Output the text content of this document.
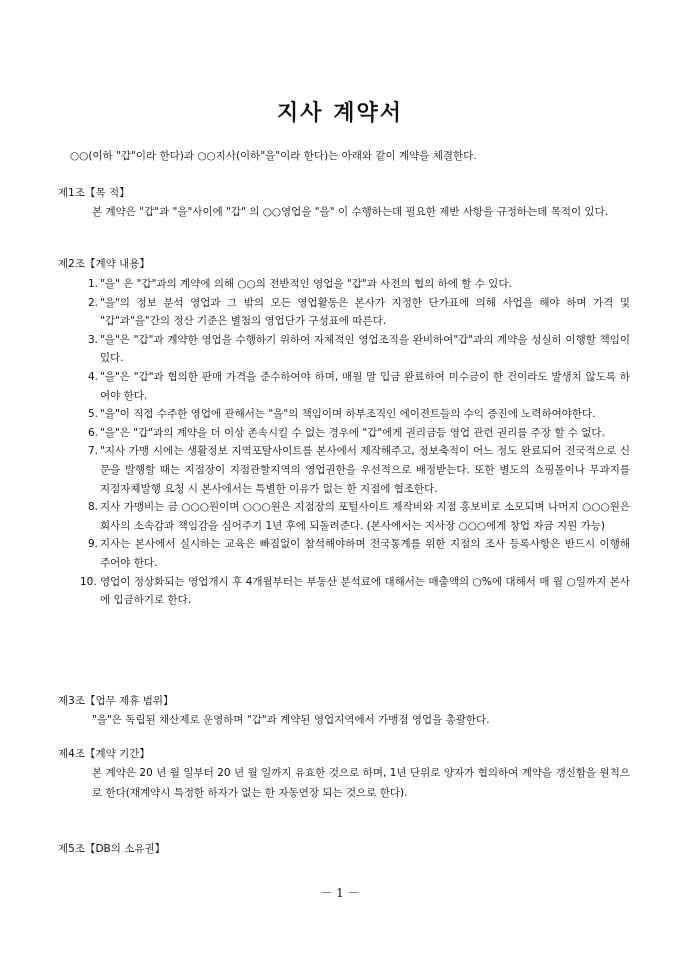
지사 계약서
○○(이하 "갑"이라 한다)과 ○○지사(이하"을"이라 한다)는 아래와 같이 계약을 체결한다.
제1조【목 적】
본 계약은 "갑"과 "을"사이에 "갑" 의 ○○영업을 "을" 이 수행하는데 필요한 제반 사항을 규정하는데 목적이 있다.
제2조【계약 내용】
1. "을" 은 "갑"과의 계약에 의해 ○○의 전반적인 영업을 "갑"과 사전의 협의 하에 할 수 있다.
2. "을"의 정보 분석 영업과 그 밖의 모든 영업활동은 본사가 지정한 단가표에 의해 사업을 해야 하며 가격 및 "갑"과"을"간의 정산 기준은 별첨의 영업단가 구성표에 따른다.
3. "을"은 "갑"과 계약한 영업을 수행하기 위하여 자체적인 영업조직을 완비하여"갑"과의 계약을 성실히 이행할 책임이 있다.
4. "을"은 "갑"과 협의한 판매 가격을 준수하여야 하며, 매월 말 입금 완료하여 미수금이 한 건이라도 발생치 않도록 하여야 한다.
5. "을"이 직접 수주한 영업에 관해서는 "을"의 책임이며 하부조직인 에이젼트들의 수익 증진에 노력하여야한다.
6. "을"은 "갑"과의 계약을 더 이상 존속시킬 수 없는 경우에 "갑"에게 권리금등 영업 관련 권리를 주장 할 수 없다.
7. "지사 가맹 시에는 생활정보 지역포탈사이트를 본사에서 제작해주고, 정보축적이 어느 정도 완료되어 전국적으로 신문을 발행할 때는 지점장이 지점관할지역의 영업권한을 우선적으로 배정받는다. 또한 별도의 쇼핑몰이나 무과지를 지점자체발행 요청 시 본사에서는 특별한 이유가 없는 한 지점에 협조한다.
8. 지사 가맹비는 금 ○○○원이며 ○○○원은 지점장의 포털사이트 제작비와 지점 홍보비로 소모되며 나머지 ○○○원은 회사의 소속감과 책임감을 심어주기 1년 후에 되돌려준다. (본사에서는 지사장 ○○○에게 창업 자금 지원 가능)
9. 지사는 본사에서 실시하는 교육은 빠짐없이 참석해야하며 전국통계를 위한 지점의 조사 등록사항은 반드시 이행해 주어야 한다.
10. 영업이 정상화되는 영업개시 후 4개월부터는 부동산 분석료에 대해서는 매출액의 ○%에 대해서 매 월 ○일까지 본사에 입금하기로 한다.
제3조【업무 제휴 범위】
"을"은 독립된 채산제로 운영하며 "갑"과 계약된 영업지역에서 가맹점 영업을 총괄한다.
제4조【계약 기간】
본 계약은 20 년 월 일부터 20 년 월 일까지 유효한 것으로 하며, 1년 단위로 양자가 협의하여 계약을 갱신함을 원칙으로 한다(재계약시 특정한 하자가 없는 한 자동연장 되는 것으로 한다).
제5조【DB의 소유권】
－ 1 －
